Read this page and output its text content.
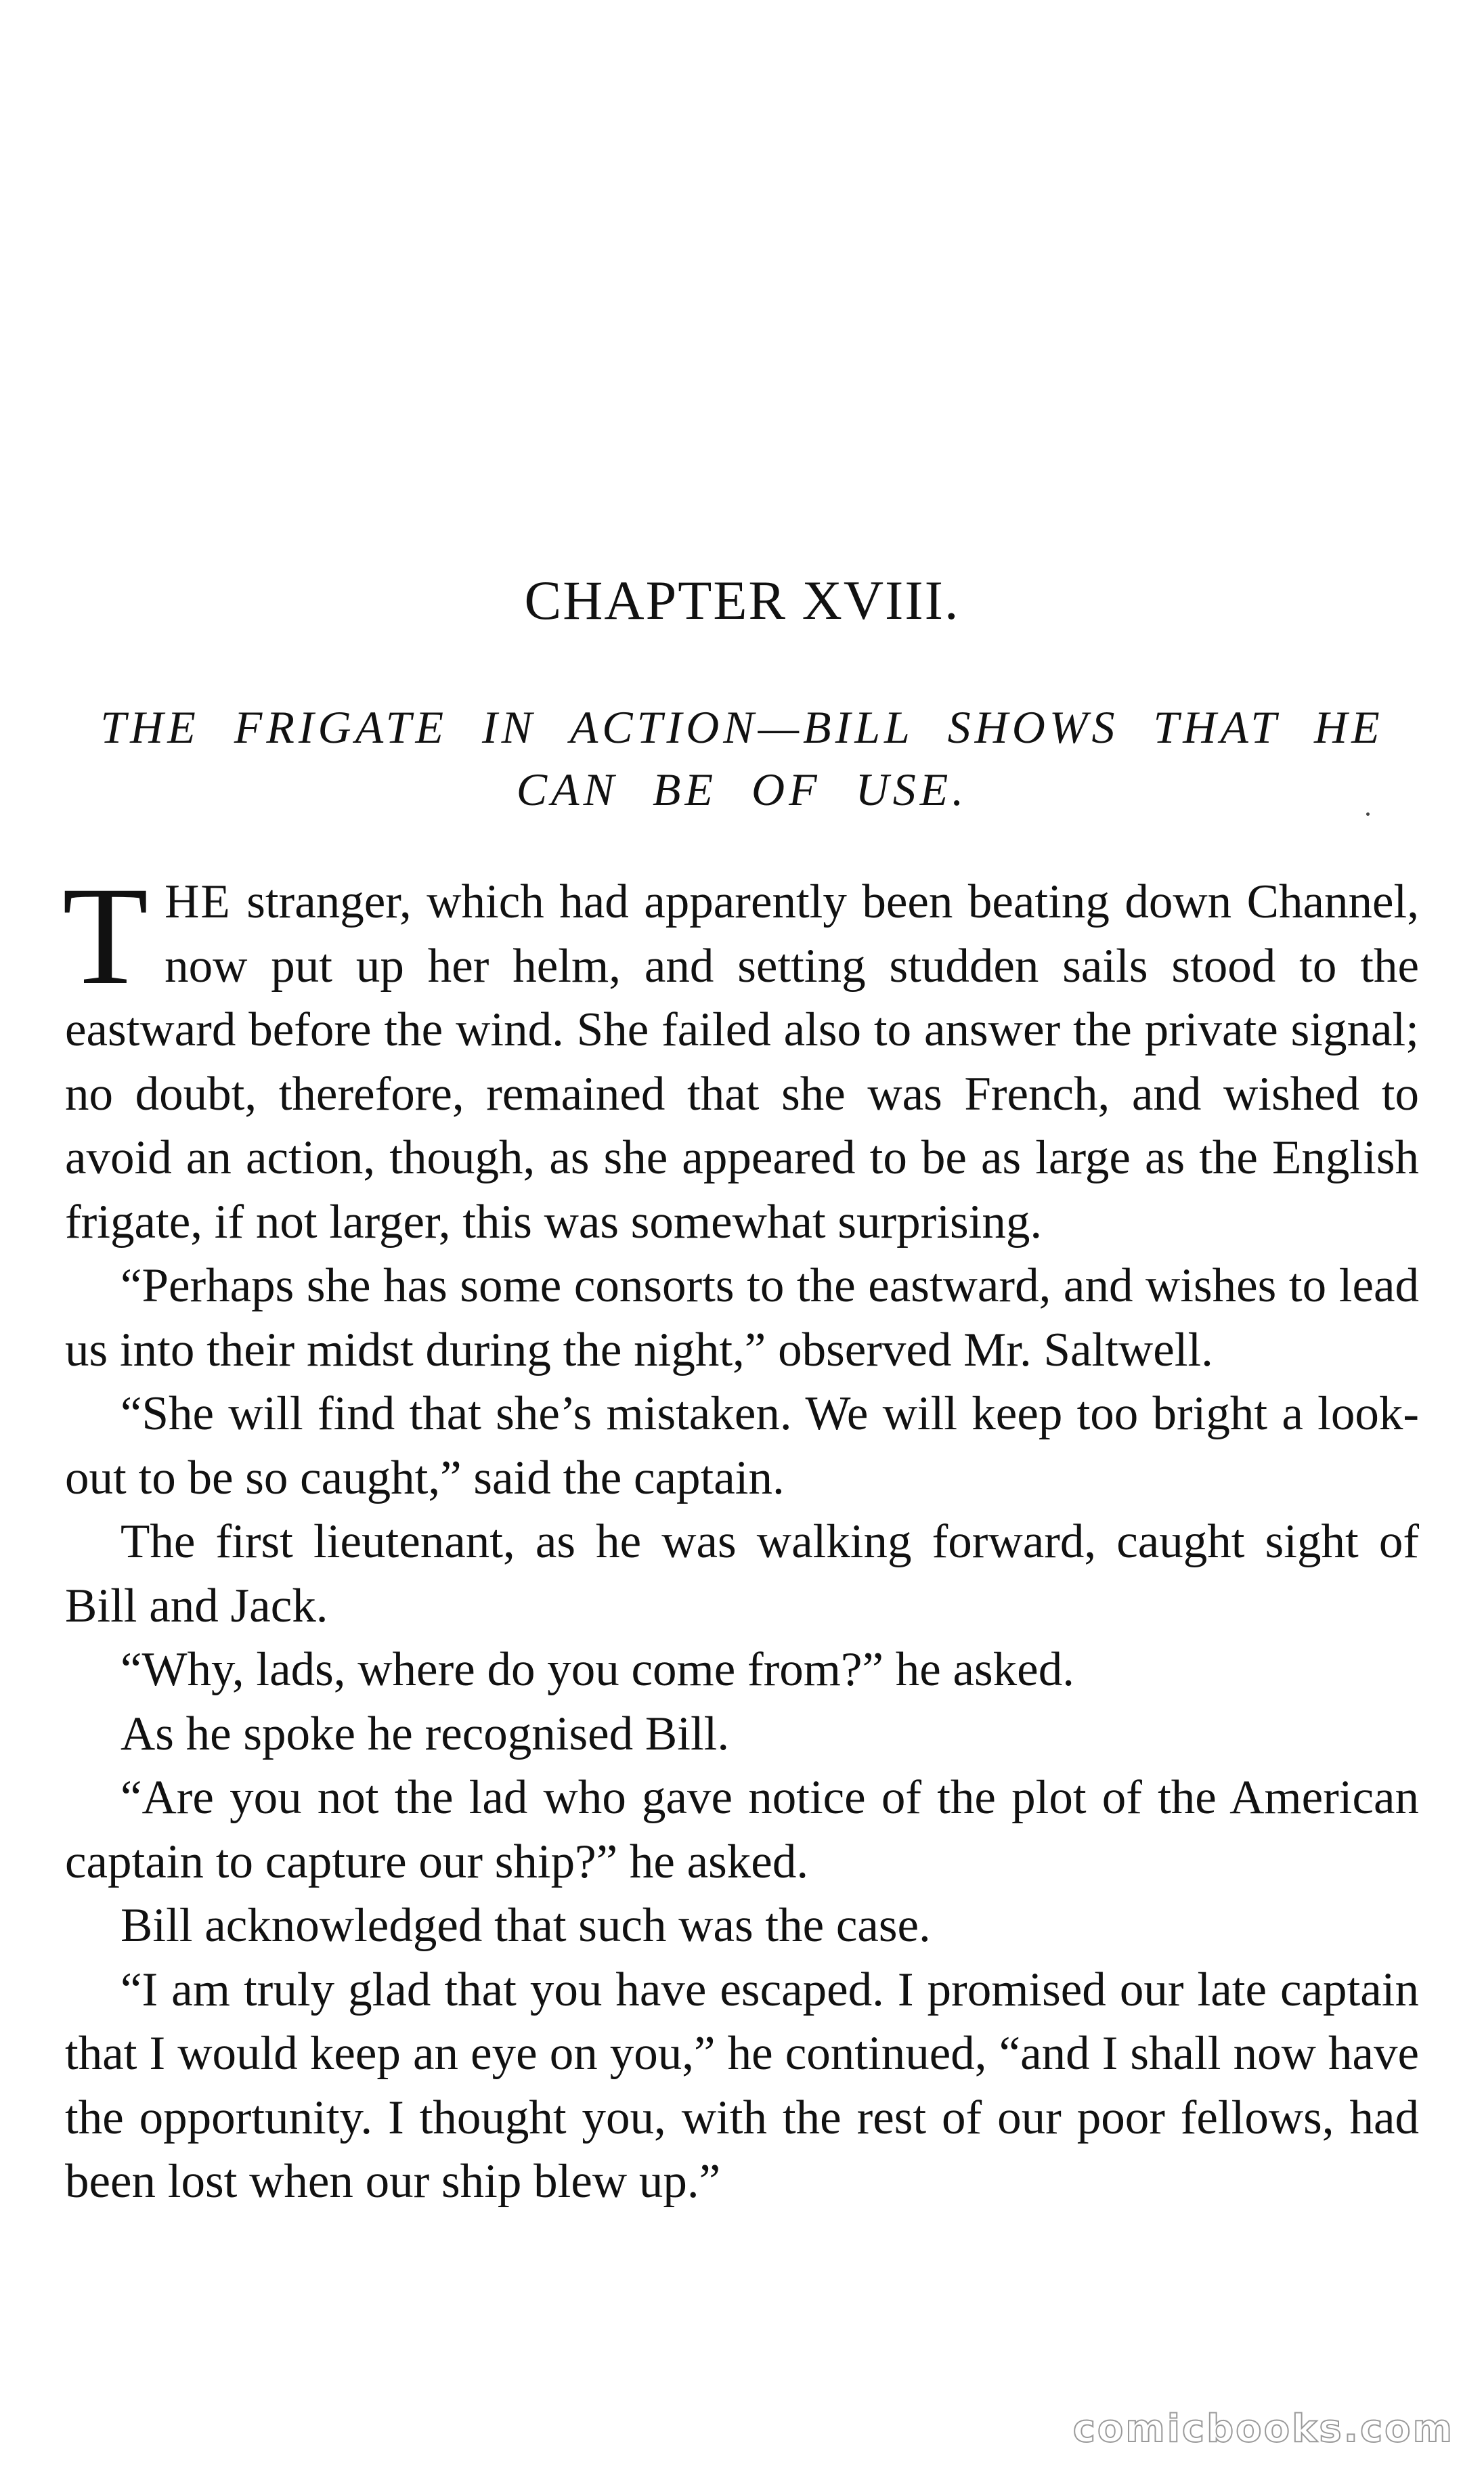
CHAPTER XVIII.
THE FRIGATE IN ACTION—BILL SHOWS THAT HE CAN BE OF USE.

THE stranger, which had apparently been beating down Channel, now put up her helm, and setting studden sails stood to the eastward before the wind. She failed also to answer the private signal; no doubt, therefore, remained that she was French, and wished to avoid an action, though, as she appeared to be as large as the English frigate, if not larger, this was somewhat surprising.

“Perhaps she has some consorts to the eastward, and wishes to lead us into their midst during the night,” observed Mr. Saltwell.

“She will find that she’s mistaken. We will keep too bright a look-out to be so caught,” said the captain.

The first lieutenant, as he was walking forward, caught sight of Bill and Jack.

“Why, lads, where do you come from?” he asked.

As he spoke he recognised Bill.

“Are you not the lad who gave notice of the plot of the American captain to capture our ship?” he asked.

Bill acknowledged that such was the case.

“I am truly glad that you have escaped. I promised our late captain that I would keep an eye on you,” he continued, “and I shall now have the opportunity. I thought you, with the rest of our poor fellows, had been lost when our ship blew up.”

comicbooks.com
